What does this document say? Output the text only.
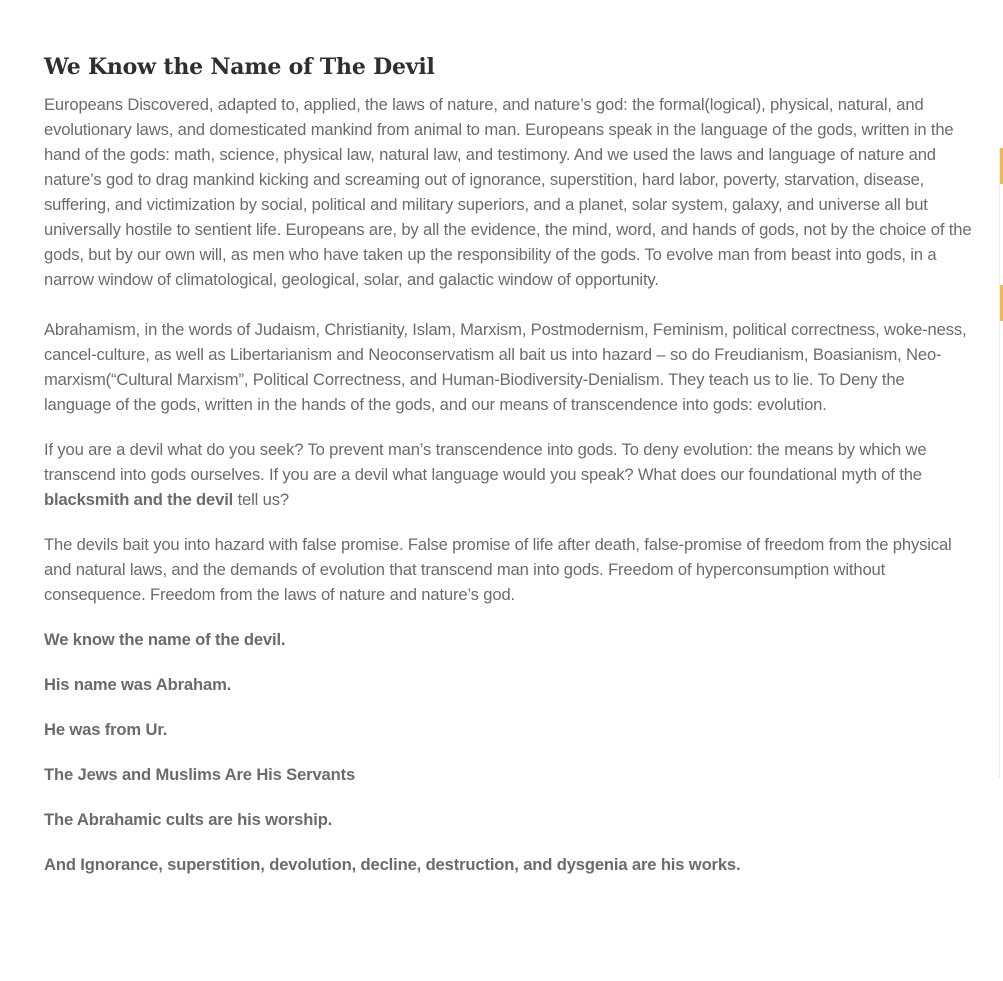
We Know the Name of The Devil

Europeans Discovered, adapted to, applied, the laws of nature, and nature’s god: the formal(logical), physical, natural, and evolutionary laws, and domesticated mankind from animal to man. Europeans speak in the language of the gods, written in the hand of the gods: math, science, physical law, natural law, and testimony. And we used the laws and language of nature and nature’s god to drag mankind kicking and screaming out of ignorance, superstition, hard labor, poverty, starvation, disease, suffering, and victimization by social, political and military superiors, and a planet, solar system, galaxy, and universe all but universally hostile to sentient life. Europeans are, by all the evidence, the mind, word, and hands of gods, not by the choice of the gods, but by our own will, as men who have taken up the responsibility of the gods. To evolve man from beast into gods, in a narrow window of climatological, geological, solar, and galactic window of opportunity.

Abrahamism, in the words of Judaism, Christianity, Islam, Marxism, Postmodernism, Feminism, political correctness, woke-ness, cancel-culture, as well as Libertarianism and Neoconservatism all bait us into hazard – so do Freudianism, Boasianism, Neo-marxism(“Cultural Marxism”, Political Correctness, and Human-Biodiversity-Denialism. They teach us to lie. To Deny the language of the gods, written in the hands of the gods, and our means of transcendence into gods: evolution.

If you are a devil what do you seek? To prevent man’s transcendence into gods. To deny evolution: the means by which we transcend into gods ourselves. If you are a devil what language would you speak? What does our foundational myth of the blacksmith and the devil tell us?

The devils bait you into hazard with false promise. False promise of life after death, false-promise of freedom from the physical and natural laws, and the demands of evolution that transcend man into gods. Freedom of hyperconsumption without consequence. Freedom from the laws of nature and nature’s god.

We know the name of the devil.

His name was Abraham.

He was from Ur.

The Jews and Muslims Are His Servants

The Abrahamic cults are his worship.

And Ignorance, superstition, devolution, decline, destruction, and dysgenia are his works.
